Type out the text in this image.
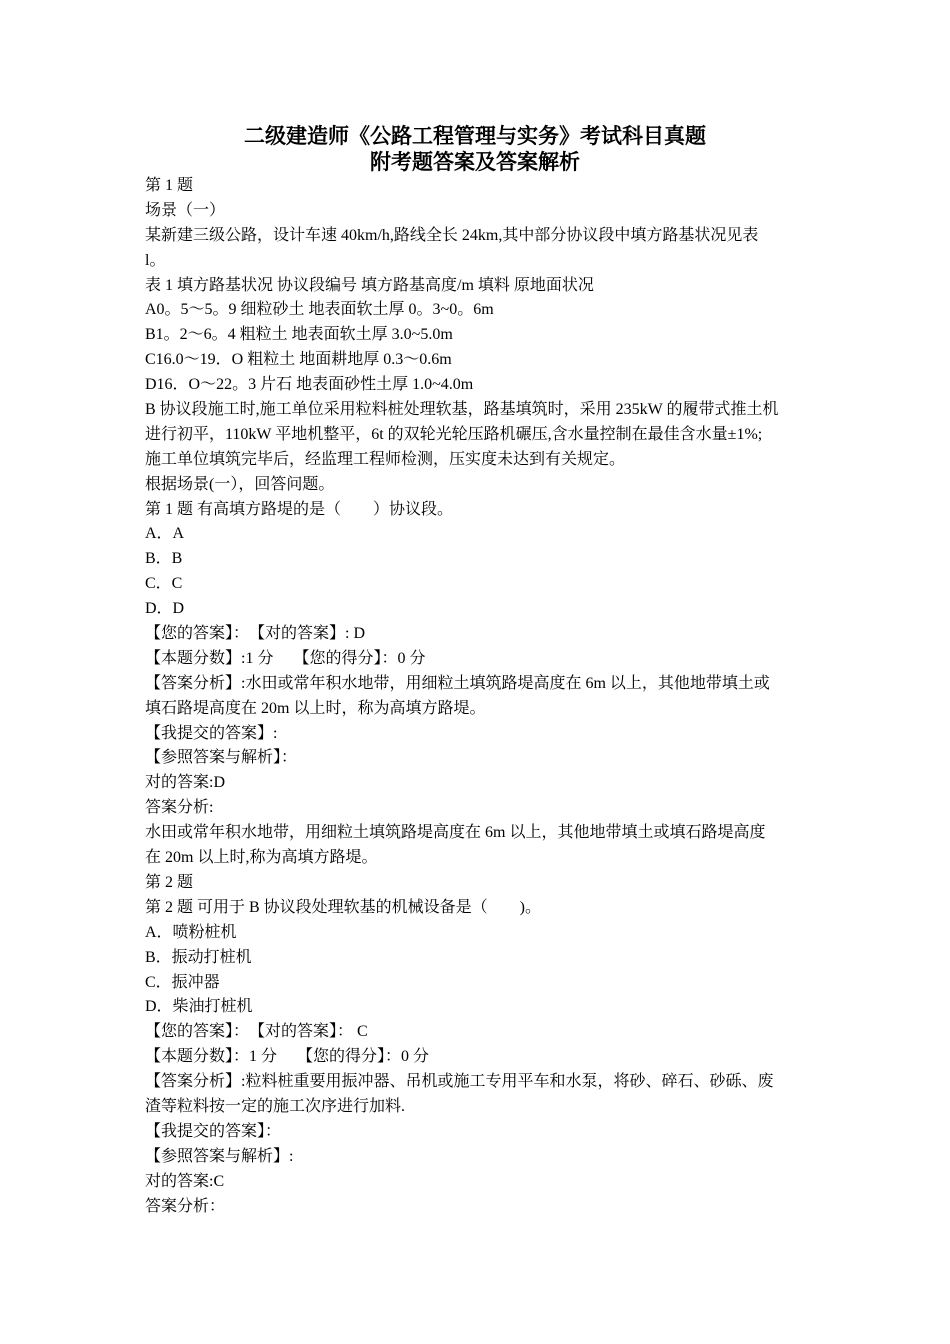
二级建造师《公路工程管理与实务》考试科目真题
附考题答案及答案解析
第 1 题
场景（一）
某新建三级公路，设计车速 40km/h,路线全长 24km,其中部分协议段中填方路基状况见表
l。
表 1 填方路基状况 协议段编号 填方路基高度/m 填料 原地面状况
A0。5～5。9 细粒砂土 地表面软土厚 0。3~0。6m
B1。2～6。4 粗粒土 地表面软土厚 3.0~5.0m
C16.0～19．O 粗粒土 地面耕地厚 0.3～0.6m
D16．O～22。3 片石 地表面砂性土厚 1.0~4.0m
B 协议段施工时,施工单位采用粒料桩处理软基，路基填筑时，采用 235kW 的履带式推土机
进行初平，110kW 平地机整平，6t 的双轮光轮压路机碾压,含水量控制在最佳含水量±1%;
施工单位填筑完毕后，经监理工程师检测，压实度未达到有关规定。
根据场景(一），回答问题。
第 1 题 有高填方路堤的是（　　）协议段。
A．A
B．B
C．C
D．D
【您的答案】：　【对的答案】: D
【本题分数】:1 分　 【您的得分】：0 分
【答案分析】:水田或常年积水地带，用细粒土填筑路堤高度在 6m 以上，其他地带填土或
填石路堤高度在 20m 以上时，称为高填方路堤。
【我提交的答案】:
【参照答案与解析】：
对的答案:D
答案分析:
水田或常年积水地带，用细粒土填筑路堤高度在 6m 以上，其他地带填土或填石路堤高度
在 20m 以上时,称为高填方路堤。
第 2 题
第 2 题 可用于 B 协议段处理软基的机械设备是（　　)。
A．喷粉桩机
B．振动打桩机
C．振冲器
D．柴油打桩机
【您的答案】：　【对的答案】： C
【本题分数】：1 分　 【您的得分】：0 分
【答案分析】:粒料桩重要用振冲器、吊机或施工专用平车和水泵，将砂、碎石、砂砾、废
渣等粒料按一定的施工次序进行加料.
【我提交的答案】：
【参照答案与解析】:
对的答案:C
答案分析：
